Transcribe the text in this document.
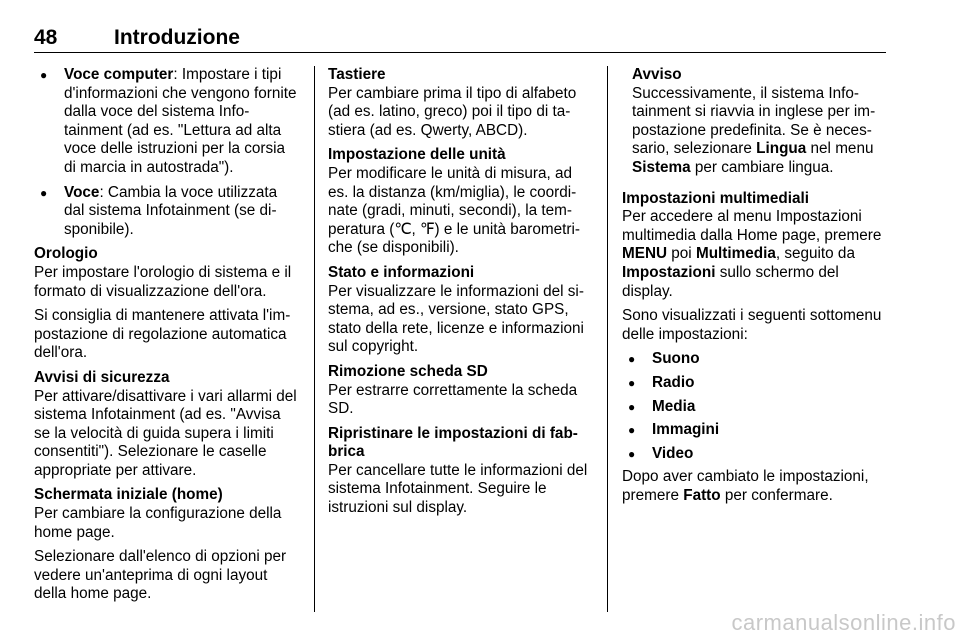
48	Introduzione
● Voce computer: Impostare i tipi d'informazioni che vengono fornite dalla voce del sistema Infotainment (ad es. "Lettura ad alta voce delle istruzioni per la corsia di marcia in autostrada").
● Voce: Cambia la voce utilizzata dal sistema Infotainment (se disponibile).
Orologio

Per impostare l'orologio di sistema e il formato di visualizzazione dell'ora.

Si consiglia di mantenere attivata l'impostazione di regolazione automatica dell'ora.

Avvisi di sicurezza

Per attivare/disattivare i vari allarmi del sistema Infotainment (ad es. "Avvisa se la velocità di guida supera i limiti consentiti"). Selezionare le caselle appropriate per attivare.

Schermata iniziale (home)

Per cambiare la configurazione della home page.

Selezionare dall'elenco di opzioni per vedere un'anteprima di ogni layout della home page.

Tastiere

Per cambiare prima il tipo di alfabeto (ad es. latino, greco) poi il tipo di tastiera (ad es. Qwerty, ABCD).

Impostazione delle unità

Per modificare le unità di misura, ad es. la distanza (km/miglia), le coordinate (gradi, minuti, secondi), la temperatura (℃, ℉) e le unità barometriche (se disponibili).

Stato e informazioni

Per visualizzare le informazioni del sistema, ad es., versione, stato GPS, stato della rete, licenze e informazioni sul copyright.

Rimozione scheda SD

Per estrarre correttamente la scheda SD.

Ripristinare le impostazioni di fabbrica

Per cancellare tutte le informazioni del sistema Infotainment. Seguire le istruzioni sul display.

Avviso

Successivamente, il sistema Infotainment si riavvia in inglese per impostazione predefinita. Se è necessario, selezionare Lingua nel menu Sistema per cambiare lingua.

Impostazioni multimediali

Per accedere al menu Impostazioni multimedia dalla Home page, premere MENU poi Multimedia, seguito da Impostazioni sullo schermo del display.

Sono visualizzati i seguenti sottomenu delle impostazioni:

● Suono
● Radio
● Media
● Immagini
● Video

Dopo aver cambiato le impostazioni, premere Fatto per confermare.

carmanualsonline.info
